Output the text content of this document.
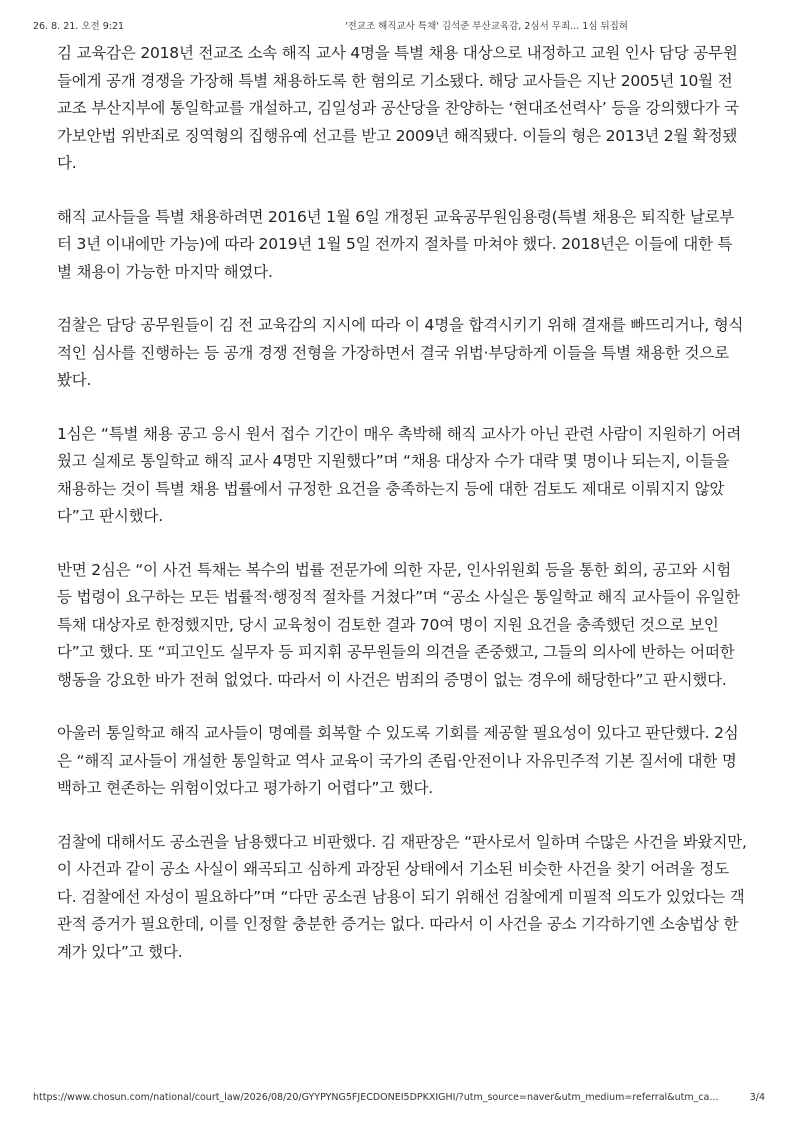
26. 8. 21. 오전 9:21	'전교조 해직교사 특채' 김석준 부산교육감, 2심서 무죄... 1심 뒤집혀

김 교육감은 2018년 전교조 소속 해직 교사 4명을 특별 채용 대상으로 내정하고 교원 인사 담당 공무원들에게 공개 경쟁을 가장해 특별 채용하도록 한 혐의로 기소됐다. 해당 교사들은 지난 2005년 10월 전교조 부산지부에 통일학교를 개설하고, 김일성과 공산당을 찬양하는 ‘현대조선력사’ 등을 강의했다가 국가보안법 위반죄로 징역형의 집행유예 선고를 받고 2009년 해직됐다. 이들의 형은 2013년 2월 확정됐다.

해직 교사들을 특별 채용하려면 2016년 1월 6일 개정된 교육공무원임용령(특별 채용은 퇴직한 날로부터 3년 이내에만 가능)에 따라 2019년 1월 5일 전까지 절차를 마쳐야 했다. 2018년은 이들에 대한 특별 채용이 가능한 마지막 해였다.

검찰은 담당 공무원들이 김 전 교육감의 지시에 따라 이 4명을 합격시키기 위해 결재를 빠뜨리거나, 형식적인 심사를 진행하는 등 공개 경쟁 전형을 가장하면서 결국 위법·부당하게 이들을 특별 채용한 것으로 봤다.

1심은 “특별 채용 공고 응시 원서 접수 기간이 매우 촉박해 해직 교사가 아닌 관련 사람이 지원하기 어려웠고 실제로 통일학교 해직 교사 4명만 지원했다”며 “채용 대상자 수가 대략 몇 명이나 되는지, 이들을 채용하는 것이 특별 채용 법률에서 규정한 요건을 충족하는지 등에 대한 검토도 제대로 이뤄지지 않았다”고 판시했다.

반면 2심은 “이 사건 특채는 복수의 법률 전문가에 의한 자문, 인사위원회 등을 통한 회의, 공고와 시험 등 법령이 요구하는 모든 법률적·행정적 절차를 거쳤다”며 “공소 사실은 통일학교 해직 교사들이 유일한 특채 대상자로 한정했지만, 당시 교육청이 검토한 결과 70여 명이 지원 요건을 충족했던 것으로 보인다”고 했다. 또 “피고인도 실무자 등 피지휘 공무원들의 의견을 존중했고, 그들의 의사에 반하는 어떠한 행동을 강요한 바가 전혀 없었다. 따라서 이 사건은 범죄의 증명이 없는 경우에 해당한다”고 판시했다.

아울러 통일학교 해직 교사들이 명예를 회복할 수 있도록 기회를 제공할 필요성이 있다고 판단했다. 2심은 “해직 교사들이 개설한 통일학교 역사 교육이 국가의 존립·안전이나 자유민주적 기본 질서에 대한 명백하고 현존하는 위험이었다고 평가하기 어렵다”고 했다.

검찰에 대해서도 공소권을 남용했다고 비판했다. 김 재판장은 “판사로서 일하며 수많은 사건을 봐왔지만, 이 사건과 같이 공소 사실이 왜곡되고 심하게 과장된 상태에서 기소된 비슷한 사건을 찾기 어려울 정도다. 검찰에선 자성이 필요하다”며 “다만 공소권 남용이 되기 위해선 검찰에게 미필적 의도가 있었다는 객관적 증거가 필요한데, 이를 인정할 충분한 증거는 없다. 따라서 이 사건을 공소 기각하기엔 소송법상 한계가 있다”고 했다.

https://www.chosun.com/national/court_law/2026/08/20/GYYPYNG5FJECDONEI5DPKXIGHI/?utm_source=naver&utm_medium=referral&utm_ca...	3/4
